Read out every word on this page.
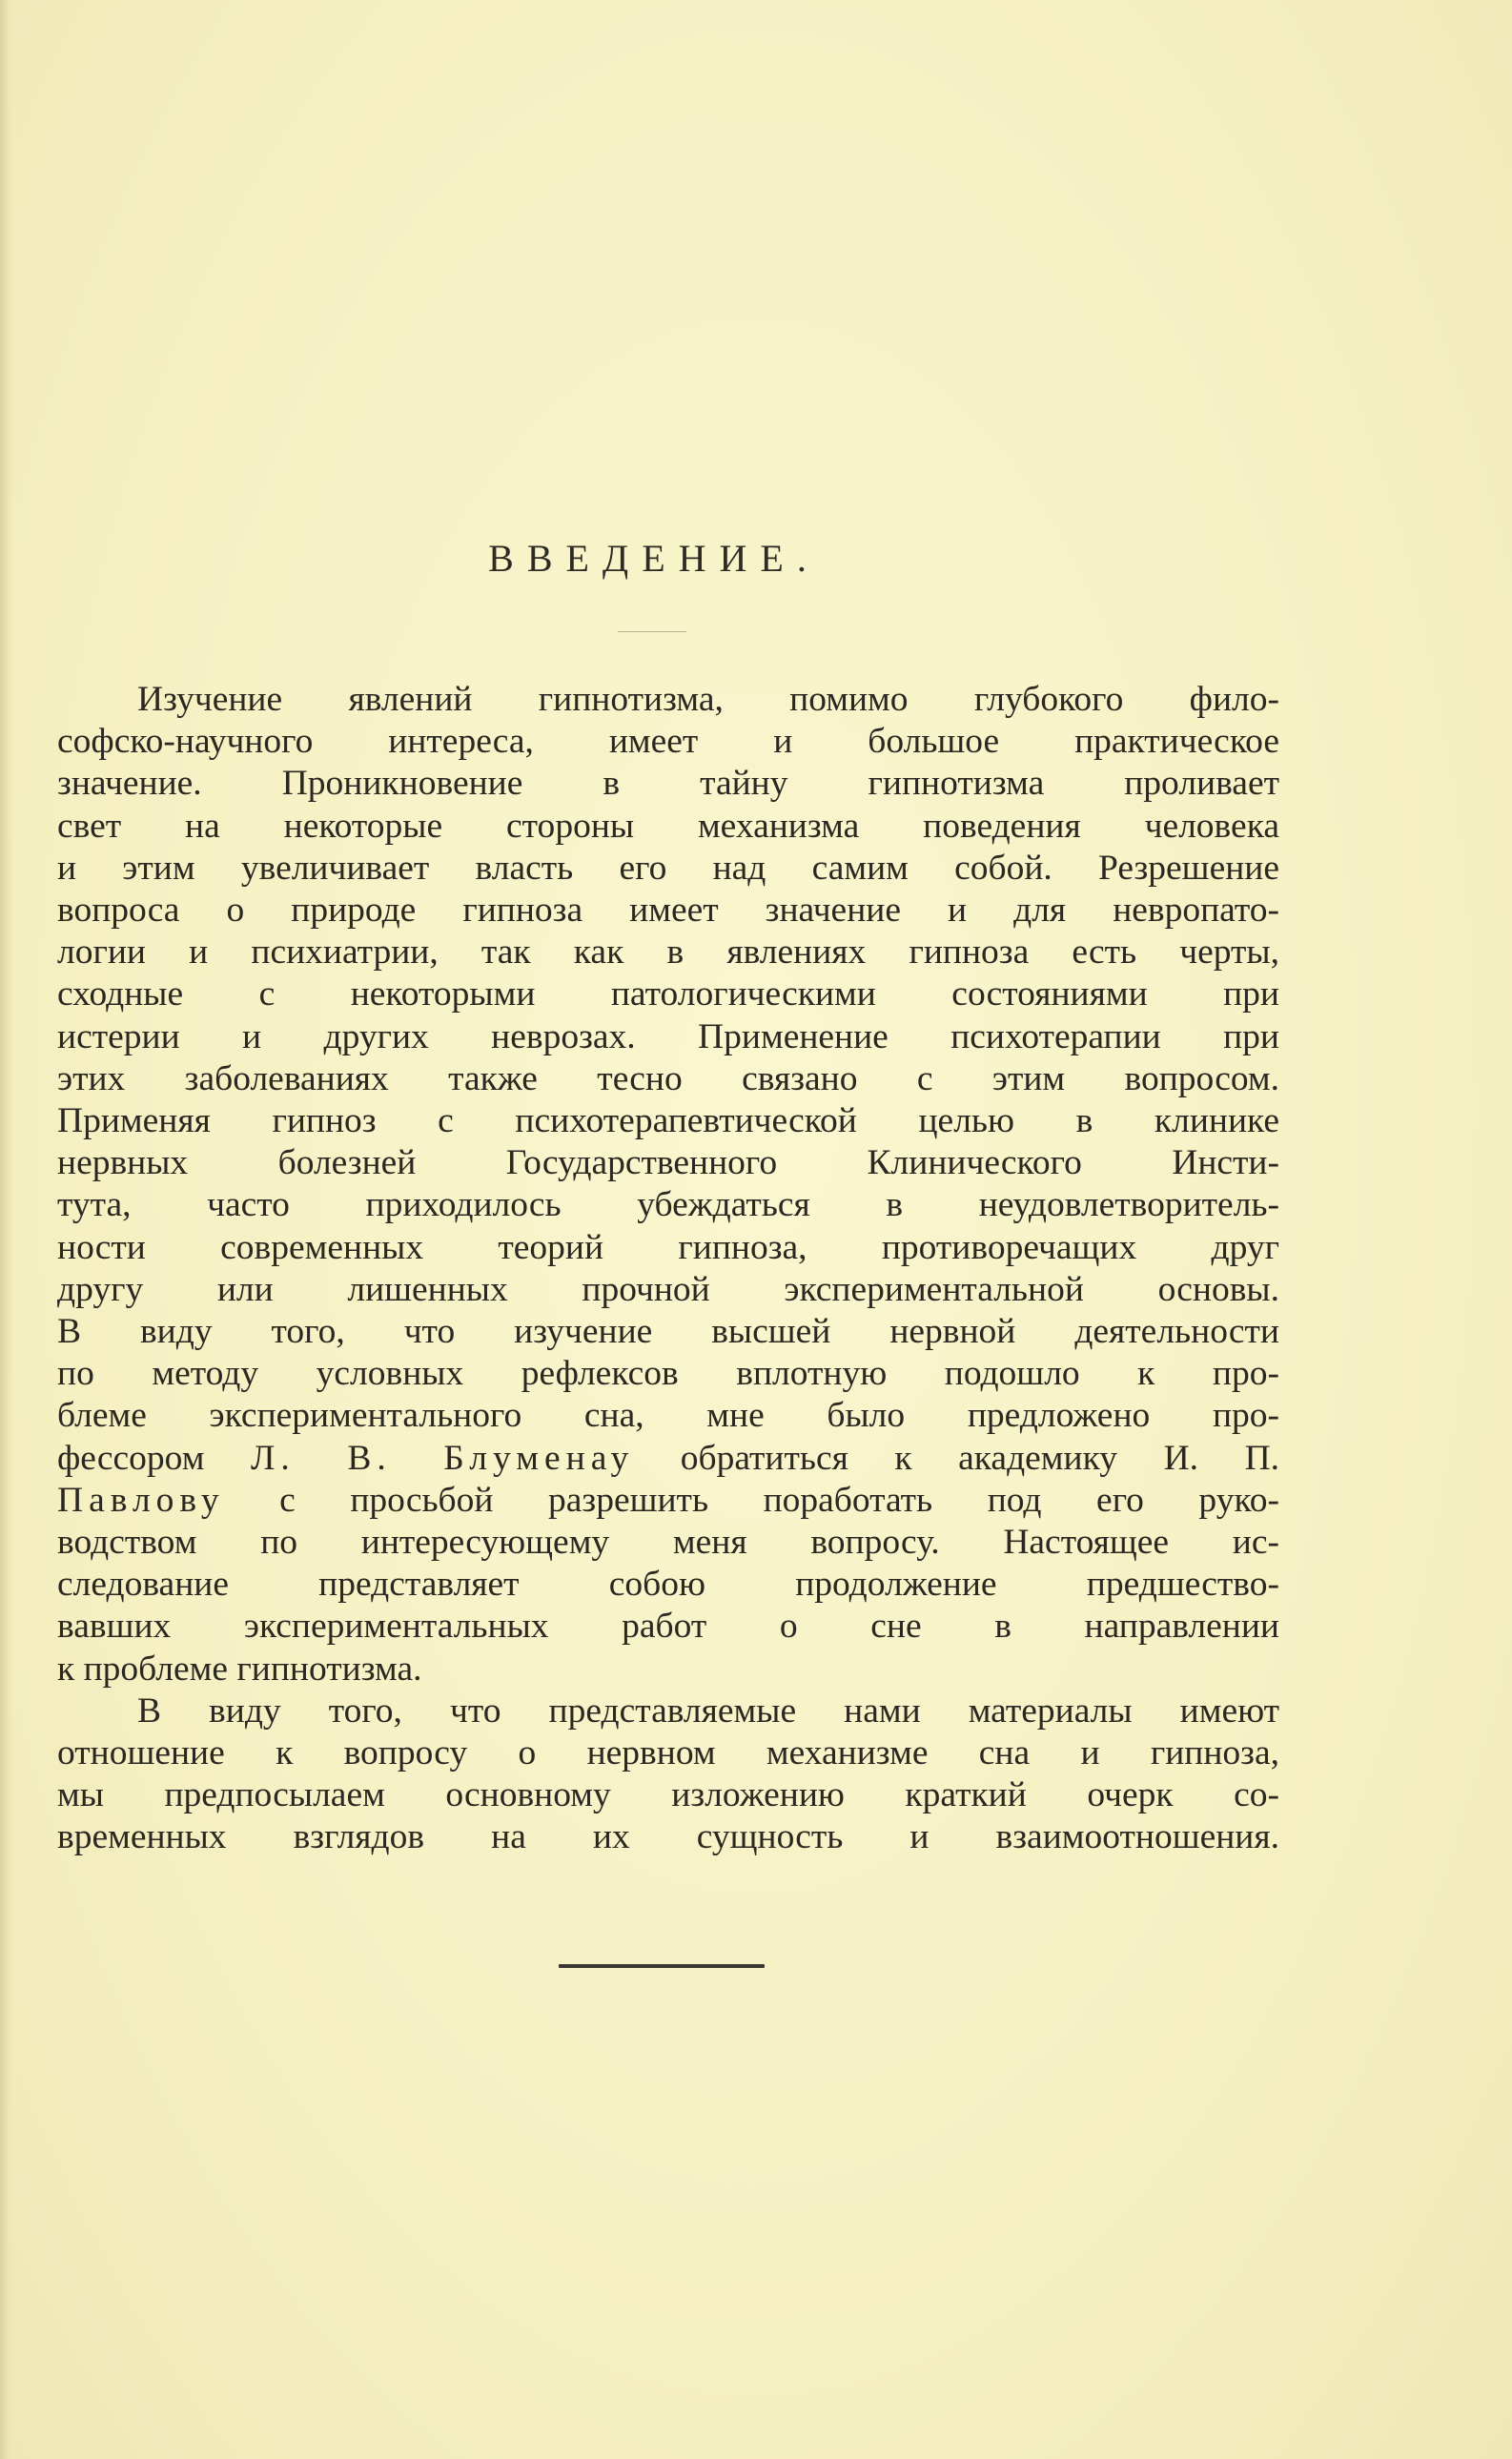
ВВЕДЕНИЕ.

Изучение явлений гипнотизма, помимо глубокого фило-

софско-научного интереса, имеет и большое практическое

значение. Проникновение в тайну гипнотизма проливает

свет на некоторые стороны механизма поведения человека

и этим увеличивает власть его над самим собой. Резрешение

вопроса о природе гипноза имеет значение и для невропато-

логии и психиатрии, так как в явлениях гипноза есть черты,

сходные с некоторыми патологическими состояниями при

истерии и других неврозах. Применение психотерапии при

этих заболеваниях также тесно связано с этим вопросом.

Применяя гипноз с психотерапевтической целью в клинике

нервных болезней Государственного Клинического Инсти-

тута, часто приходилось убеждаться в неудовлетворитель-

ности современных теорий гипноза, противоречащих друг

другу или лишенных прочной экспериментальной основы.

В виду того, что изучение высшей нервной деятельности

по методу условных рефлексов вплотную подошло к про-

блеме экспериментального сна, мне было предложено про-

фессором Л. В. Блуменау обратиться к академику И. П.

Павлову с просьбой разрешить поработать под его руко-

водством по интересующему меня вопросу. Настоящее ис-

следование представляет собою продолжение предшество-

вавших экспериментальных работ о сне в направлении

к проблеме гипнотизма.

В виду того, что представляемые нами материалы имеют

отношение к вопросу о нервном механизме сна и гипноза,

мы предпосылаем основному изложению краткий очерк со-

временных взглядов на их сущность и взаимоотношения.
